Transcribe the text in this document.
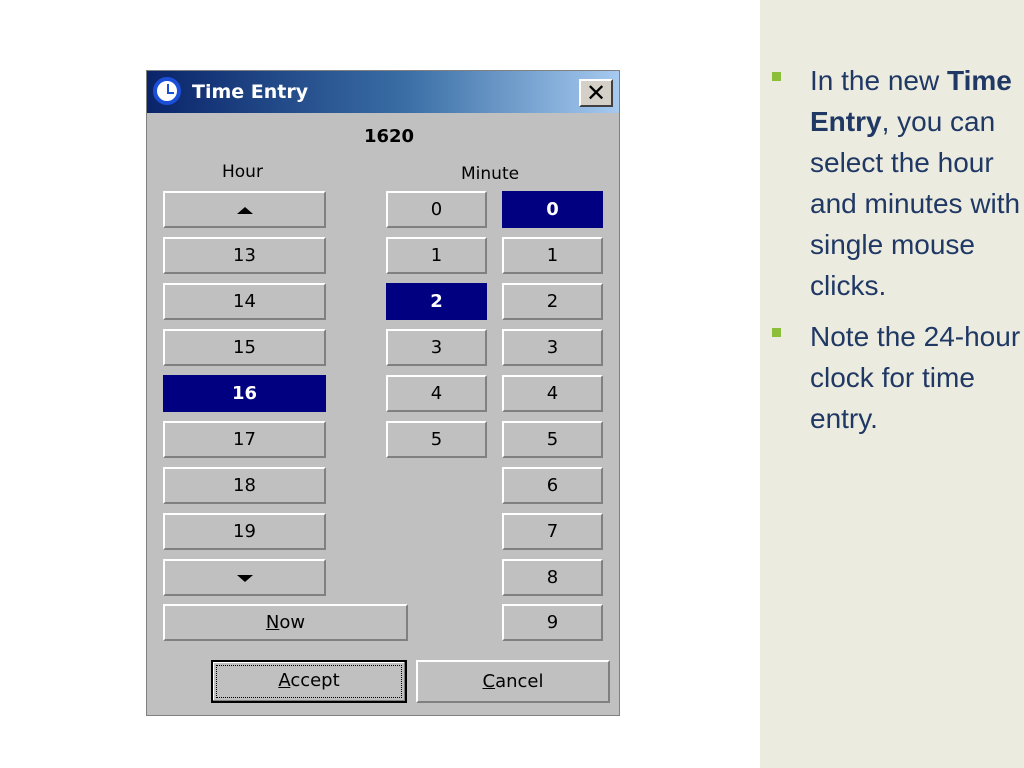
Time Entry	✕
1620
Hour	Minute
13
14
15
16
17
18
19
Now
0
1
2
3
4
5
0
1
2
3
4
5
6
7
8
9
Accept	Cancel
In the new Time Entry, you can select the hour and minutes with single mouse clicks.
Note the 24-hour clock for time entry.
